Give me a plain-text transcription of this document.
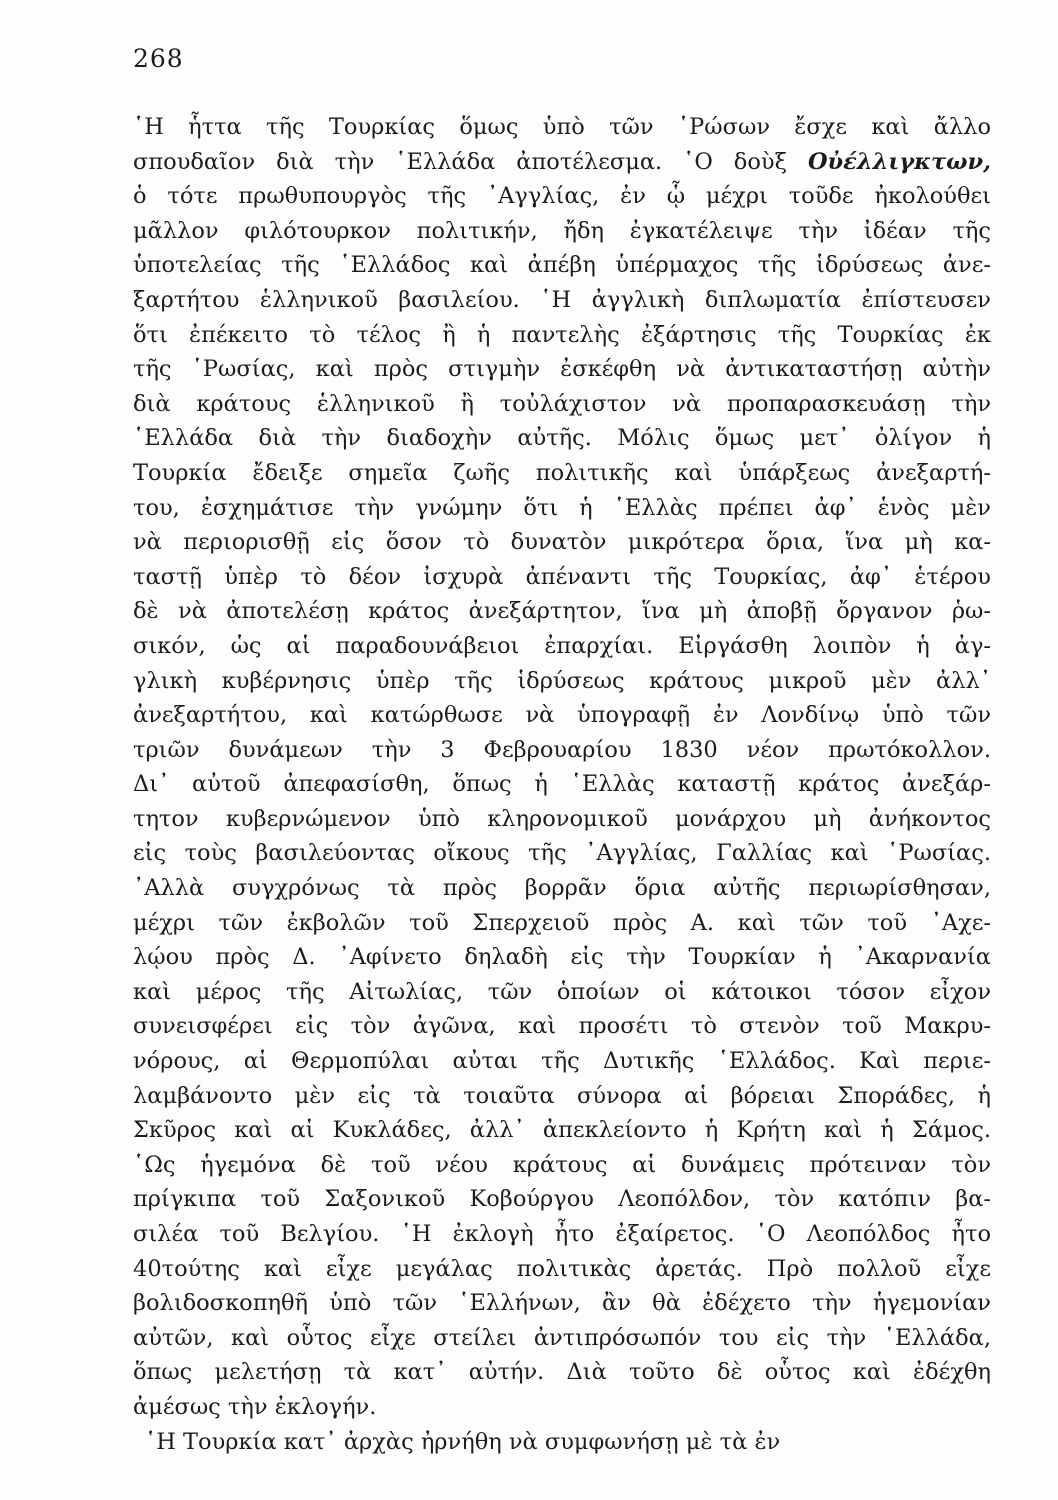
268
῾Η ἧττα τῆς Τουρκίας ὅμως ὑπὸ τῶν ῾Ρώσων ἔσχε καὶ ἄλλο
σπουδαῖον διὰ τὴν ῾Ελλάδα ἀποτέλεσμα. ῾Ο δοὺξ Οὐέλλιγκτων,
ὁ τότε πρωθυπουργὸς τῆς ᾿Αγγλίας, ἐν ᾧ μέχρι τοῦδε ἠκολούθει
μᾶλλον φιλότουρκον πολιτικήν, ἤδη ἐγκατέλειψε τὴν ἰδέαν τῆς
ὑποτελείας τῆς ῾Ελλάδος καὶ ἀπέβη ὑπέρμαχος τῆς ἱδρύσεως ἀνε-
ξαρτήτου ἑλληνικοῦ βασιλείου. ῾Η ἀγγλικὴ διπλωματία ἐπίστευσεν
ὅτι ἐπέκειτο τὸ τέλος ἢ ἡ παντελὴς ἐξάρτησις τῆς Τουρκίας ἐκ
τῆς ῾Ρωσίας, καὶ πρὸς στιγμὴν ἐσκέφθη νὰ ἀντικαταστήσῃ αὐτὴν
διὰ κράτους ἑλληνικοῦ ἢ τοὐλάχιστον νὰ προπαρασκευάσῃ τὴν
῾Ελλάδα διὰ τὴν διαδοχὴν αὐτῆς. Μόλις ὅμως μετ᾿ ὀλίγον ἡ
Τουρκία ἔδειξε σημεῖα ζωῆς πολιτικῆς καὶ ὑπάρξεως ἀνεξαρτή-
του, ἐσχημάτισε τὴν γνώμην ὅτι ἡ ῾Ελλὰς πρέπει ἀφ᾿ ἑνὸς μὲν
νὰ περιορισθῇ εἰς ὅσον τὸ δυνατὸν μικρότερα ὅρια, ἵνα μὴ κα-
ταστῇ ὑπὲρ τὸ δέον ἰσχυρὰ ἀπέναντι τῆς Τουρκίας, ἀφ᾿ ἑτέρου
δὲ νὰ ἀποτελέσῃ κράτος ἀνεξάρτητον, ἵνα μὴ ἀποβῇ ὄργανον ῥω-
σικόν, ὡς αἱ παραδουνάβειοι ἐπαρχίαι. Εἰργάσθη λοιπὸν ἡ ἀγ-
γλικὴ κυβέρνησις ὑπὲρ τῆς ἱδρύσεως κράτους μικροῦ μὲν ἀλλ᾿
ἀνεξαρτήτου, καὶ κατώρθωσε νὰ ὑπογραφῇ ἐν Λονδίνῳ ὑπὸ τῶν
τριῶν δυνάμεων τὴν 3 Φεβρουαρίου 1830 νέον πρωτόκολλον.
Δι᾿ αὐτοῦ ἀπεφασίσθη, ὅπως ἡ ῾Ελλὰς καταστῇ κράτος ἀνεξάρ-
τητον κυβερνώμενον ὑπὸ κληρονομικοῦ μονάρχου μὴ ἀνήκοντος
εἰς τοὺς βασιλεύοντας οἴκους τῆς ᾿Αγγλίας, Γαλλίας καὶ ῾Ρωσίας.
᾿Αλλὰ συγχρόνως τὰ πρὸς βορρᾶν ὅρια αὐτῆς περιωρίσθησαν,
μέχρι τῶν ἐκβολῶν τοῦ Σπερχειοῦ πρὸς Α. καὶ τῶν τοῦ ᾿Αχε-
λῴου πρὸς Δ. ᾿Αφίνετο δηλαδὴ εἰς τὴν Τουρκίαν ἡ ᾿Ακαρνανία
καὶ μέρος τῆς Αἰτωλίας, τῶν ὁποίων οἱ κάτοικοι τόσον εἶχον
συνεισφέρει εἰς τὸν ἀγῶνα, καὶ προσέτι τὸ στενὸν τοῦ Μακρυ-
νόρους, αἱ Θερμοπύλαι αὐται τῆς Δυτικῆς ῾Ελλάδος. Καὶ περιε-
λαμβάνοντο μὲν εἰς τὰ τοιαῦτα σύνορα αἱ βόρειαι Σποράδες, ἡ
Σκῦρος καὶ αἱ Κυκλάδες, ἀλλ᾿ ἀπεκλείοντο ἡ Κρήτη καὶ ἡ Σάμος.
῾Ως ἡγεμόνα δὲ τοῦ νέου κράτους αἱ δυνάμεις πρότειναν τὸν
πρίγκιπα τοῦ Σαξονικοῦ Κοβούργου Λεοπόλδον, τὸν κατόπιν βα-
σιλέα τοῦ Βελγίου. ῾Η ἐκλογὴ ἦτο ἐξαίρετος. ῾Ο Λεοπόλδος ἦτο
40τούτης καὶ εἶχε μεγάλας πολιτικὰς ἀρετάς. Πρὸ πολλοῦ εἶχε
βολιδοσκοπηθῆ ὑπὸ τῶν ῾Ελλήνων, ἂν θὰ ἐδέχετο τὴν ἡγεμονίαν
αὐτῶν, καὶ οὗτος εἶχε στείλει ἀντιπρόσωπόν του εἰς τὴν ῾Ελλάδα,
ὅπως μελετήσῃ τὰ κατ᾿ αὐτήν. Διὰ τοῦτο δὲ οὗτος καὶ ἐδέχθη
ἀμέσως τὴν ἐκλογήν.
῾Η Τουρκία κατ᾿ ἀρχὰς ἠρνήθη νὰ συμφωνήσῃ μὲ τὰ ἐν
